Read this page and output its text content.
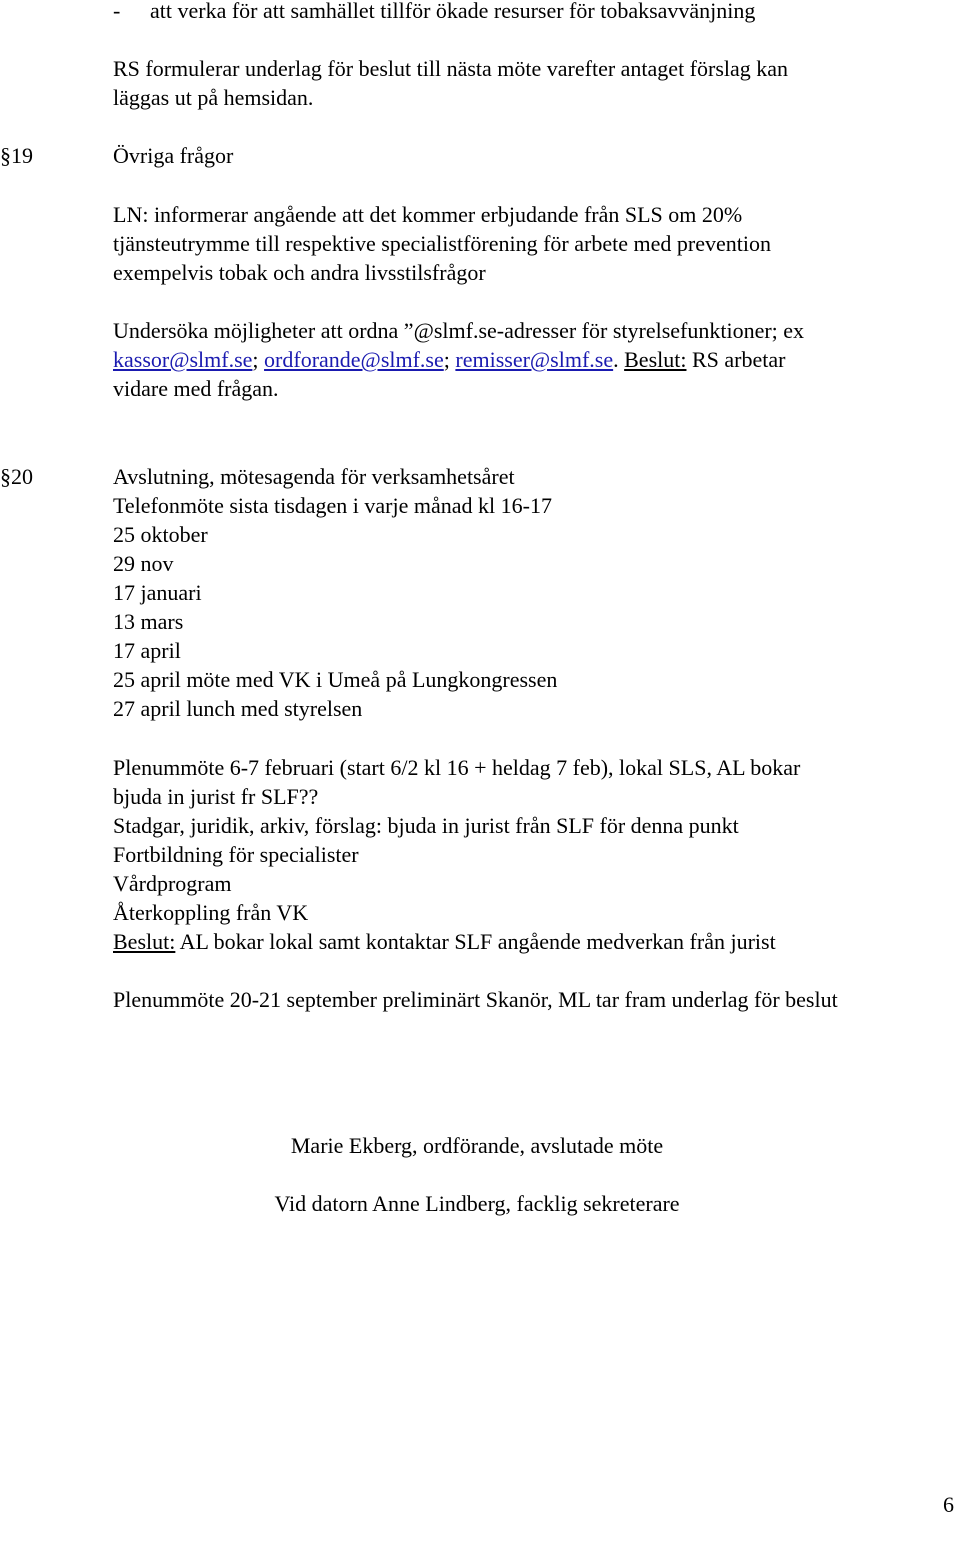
- att verka för att samhället tillför ökade resurser för tobaksavvänjning
RS formulerar underlag för beslut till nästa möte varefter antaget förslag kan
läggas ut på hemsidan.
§19	Övriga frågor
LN: informerar angående att det kommer erbjudande från SLS om 20%
tjänsteutrymme till respektive specialistförening för arbete med prevention
exempelvis tobak och andra livsstilsfrågor
Undersöka möjligheter att ordna ”@slmf.se-adresser för styrelsefunktioner; ex
kassor@slmf.se; ordforande@slmf.se; remisser@slmf.se. Beslut: RS arbetar
vidare med frågan.
§20	Avslutning, mötesagenda för verksamhetsåret
Telefonmöte sista tisdagen i varje månad kl 16-17
25 oktober
29 nov
17 januari
13 mars
17 april
25 april möte med VK i Umeå på Lungkongressen
27 april lunch med styrelsen
Plenummöte 6-7 februari (start 6/2 kl 16 + heldag 7 feb), lokal SLS, AL bokar
bjuda in jurist fr SLF??
Stadgar, juridik, arkiv, förslag: bjuda in jurist från SLF för denna punkt
Fortbildning för specialister
Vårdprogram
Återkoppling från VK
Beslut: AL bokar lokal samt kontaktar SLF angående medverkan från jurist
Plenummöte 20-21 september preliminärt Skanör, ML tar fram underlag för beslut
Marie Ekberg, ordförande, avslutade möte
Vid datorn Anne Lindberg, facklig sekreterare
6
